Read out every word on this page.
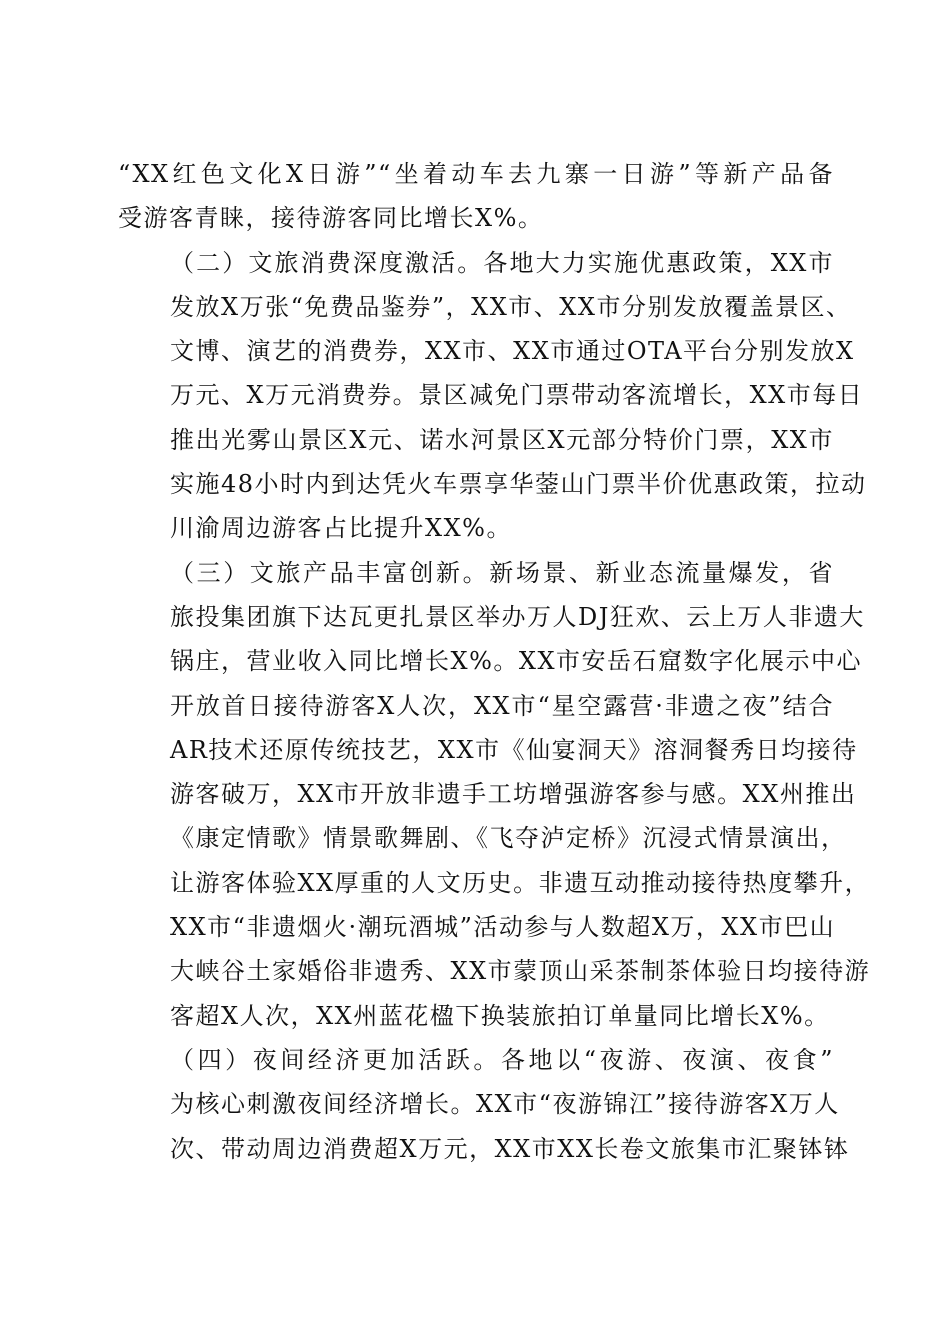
“XX红色文化X日游”“坐着动车去九寨一日游”等新产品备
受游客青睐，接待游客同比增长X%。

（二）文旅消费深度激活。各地大力实施优惠政策，XX市
发放X万张“免费品鉴券”，XX市、XX市分别发放覆盖景区、
文博、演艺的消费券，XX市、XX市通过OTA平台分别发放X
万元、X万元消费券。景区减免门票带动客流增长，XX市每日
推出光雾山景区X元、诺水河景区X元部分特价门票，XX市
实施48小时内到达凭火车票享华蓥山门票半价优惠政策，拉动
川渝周边游客占比提升XX%。

（三）文旅产品丰富创新。新场景、新业态流量爆发，省
旅投集团旗下达瓦更扎景区举办万人DJ狂欢、云上万人非遗大
锅庄，营业收入同比增长X%。XX市安岳石窟数字化展示中心
开放首日接待游客X人次，XX市“星空露营·非遗之夜”结合
AR技术还原传统技艺，XX市《仙宴洞天》溶洞餐秀日均接待
游客破万，XX市开放非遗手工坊增强游客参与感。XX州推出
《康定情歌》情景歌舞剧、《飞夺泸定桥》沉浸式情景演出，
让游客体验XX厚重的人文历史。非遗互动推动接待热度攀升，
XX市“非遗烟火·潮玩酒城”活动参与人数超X万，XX市巴山
大峡谷土家婚俗非遗秀、XX市蒙顶山采茶制茶体验日均接待游
客超X人次，XX州蓝花楹下换装旅拍订单量同比增长X%。

（四）夜间经济更加活跃。各地以“夜游、夜演、夜食”
为核心刺激夜间经济增长。XX市“夜游锦江”接待游客X万人
次、带动周边消费超X万元，XX市XX长卷文旅集市汇聚钵钵
